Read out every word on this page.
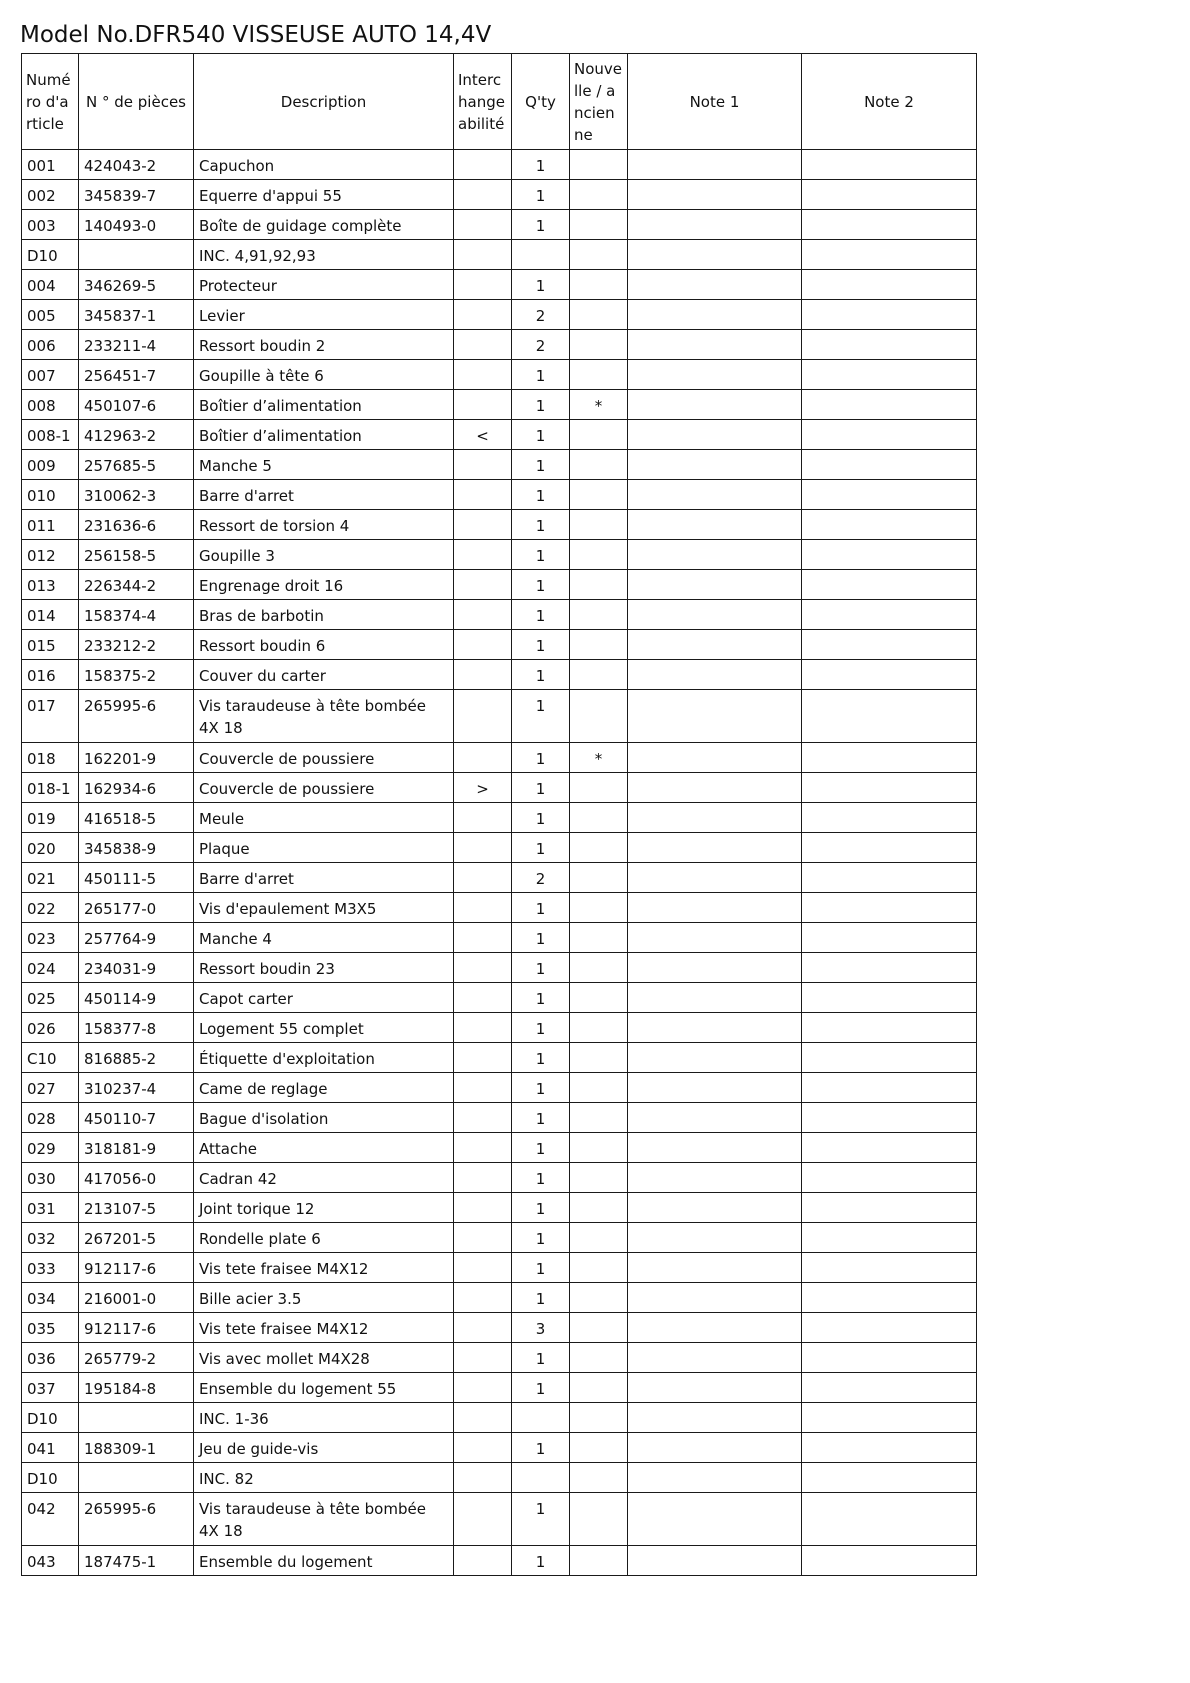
Model No.DFR540 VISSEUSE AUTO 14,4V
Numéro d'article	N ° de pièces	Description	Interchangeabilité	Q'ty	Nouvelle / ancienne	Note 1	Note 2
001	424043-2	Capuchon		1			
002	345839-7	Equerre d'appui 55		1			
003	140493-0	Boîte de guidage complète		1			
D10		INC. 4,91,92,93					
004	346269-5	Protecteur		1			
005	345837-1	Levier		2			
006	233211-4	Ressort boudin 2		2			
007	256451-7	Goupille à tête 6		1			
008	450107-6	Boîtier d’alimentation		1	*		
008-1	412963-2	Boîtier d’alimentation	<	1			
009	257685-5	Manche 5		1			
010	310062-3	Barre d'arret		1			
011	231636-6	Ressort de torsion 4		1			
012	256158-5	Goupille 3		1			
013	226344-2	Engrenage droit 16		1			
014	158374-4	Bras de barbotin		1			
015	233212-2	Ressort boudin 6		1			
016	158375-2	Couver du carter		1			
017	265995-6	Vis taraudeuse à tête bombée 4X 18		1			
018	162201-9	Couvercle de poussiere		1	*		
018-1	162934-6	Couvercle de poussiere	>	1			
019	416518-5	Meule		1			
020	345838-9	Plaque		1			
021	450111-5	Barre d'arret		2			
022	265177-0	Vis d'epaulement M3X5		1			
023	257764-9	Manche 4		1			
024	234031-9	Ressort boudin 23		1			
025	450114-9	Capot carter		1			
026	158377-8	Logement 55 complet		1			
C10	816885-2	Étiquette d'exploitation		1			
027	310237-4	Came de reglage		1			
028	450110-7	Bague d'isolation		1			
029	318181-9	Attache		1			
030	417056-0	Cadran 42		1			
031	213107-5	Joint torique 12		1			
032	267201-5	Rondelle plate 6		1			
033	912117-6	Vis tete fraisee M4X12		1			
034	216001-0	Bille acier 3.5		1			
035	912117-6	Vis tete fraisee M4X12		3			
036	265779-2	Vis avec mollet M4X28		1			
037	195184-8	Ensemble du logement 55		1			
D10		INC. 1-36					
041	188309-1	Jeu de guide-vis		1			
D10		INC. 82					
042	265995-6	Vis taraudeuse à tête bombée 4X 18		1			
043	187475-1	Ensemble du logement		1			
